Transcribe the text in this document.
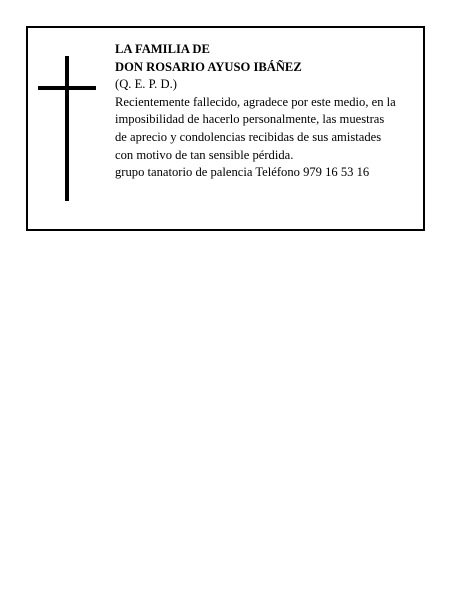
LA FAMILIA DE
DON ROSARIO AYUSO IBÁÑEZ
(Q. E. P. D.)
Recientemente fallecido, agradece por este medio, en la
imposibilidad de hacerlo personalmente, las muestras
de aprecio y condolencias recibidas de sus amistades
con motivo de tan sensible pérdida.
grupo tanatorio de palencia Teléfono 979 16 53 16
